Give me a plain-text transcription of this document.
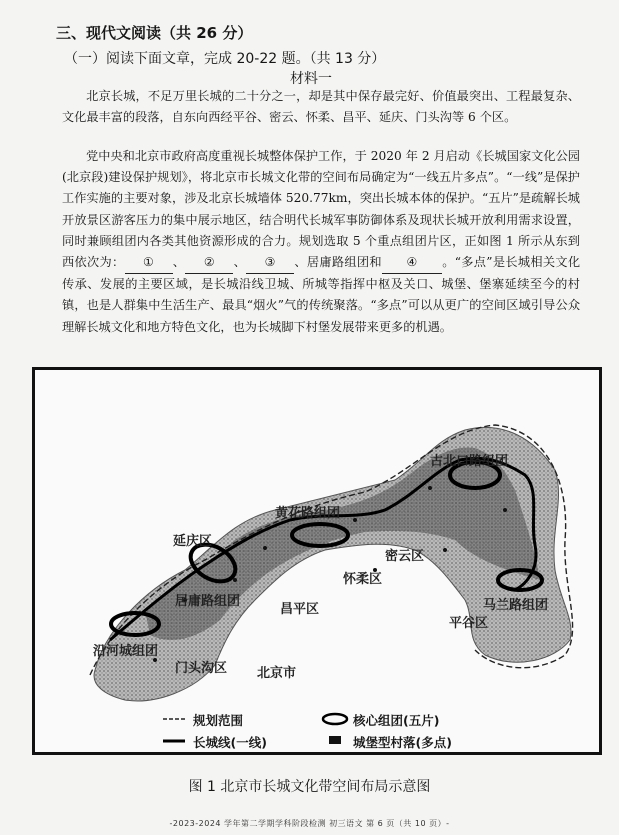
三、现代文阅读（共 26 分）
（一）阅读下面文章，完成 20-22 题。（共 13 分）
材料一
北京长城，不足万里长城的二十分之一，却是其中保存最完好、价值最突出、工程最复杂、文化最丰富的段落，自东向西经平谷、密云、怀柔、昌平、延庆、门头沟等 6 个区。
党中央和北京市政府高度重视长城整体保护工作，于 2020 年 2 月启动《长城国家文化公园(北京段)建设保护规划》，将北京市长城文化带的空间布局确定为“一线五片多点”。“一线”是保护工作实施的主要对象，涉及北京长城墙体 520.77km，突出长城本体的保护。“五片”是疏解长城开放景区游客压力的集中展示地区，结合明代长城军事防御体系及现状长城开放利用需求设置，同时兼顾组团内各类其他资源形成的合力。规划选取 5 个重点组团片区，正如图 1 所示从东到西依次为： ① 、 ② 、 ③ 、居庸路组团和 ④ 。“多点”是长城相关文化传承、发展的主要区域，是长城沿线卫城、所城等指挥中枢及关口、城堡、堡寨延续至今的村镇，也是人群集中生活生产、最具“烟火”气的传统聚落。“多点”可以从更广的空间区域引导公众理解长城文化和地方特色文化，也为长城脚下村堡发展带来更多的机遇。
古北口路组团
黄花路组团
延庆区
密云区
怀柔区
居庸路组团
昌平区	马兰路组团
平谷区
沿河城组团
门头沟区 北京市
规划范围	核心组团(五片)
长城线(一线)	城堡型村落(多点)
图 1 北京市长城文化带空间布局示意图
-2023-2024 学年第二学期学科阶段检测 初三语文 第 6 页（共 10 页）-
